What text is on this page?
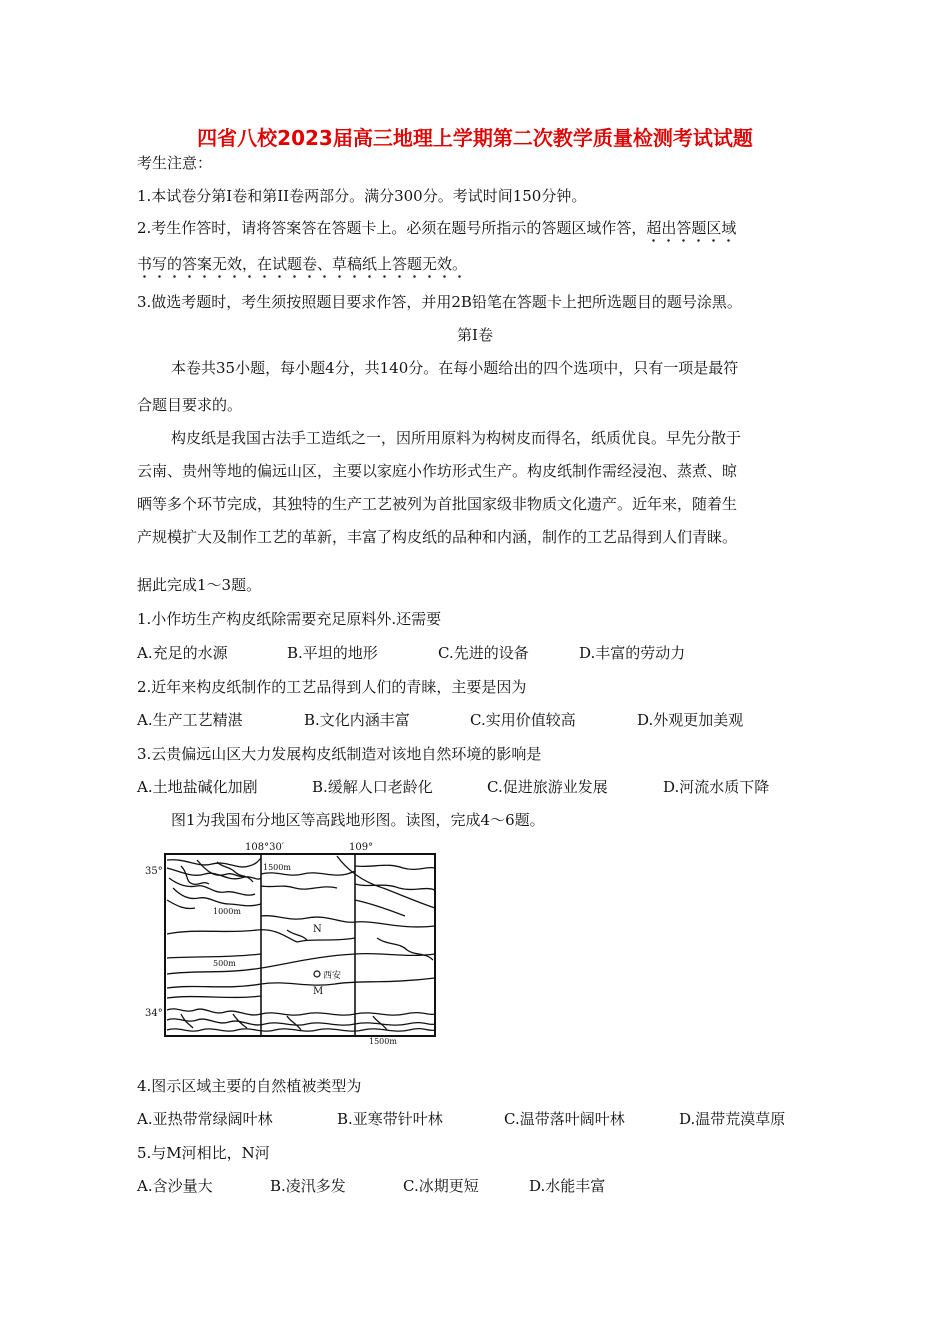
四省八校2023届高三地理上学期第二次教学质量检测考试试题
考生注意：
1.本试卷分第Ⅰ卷和第II卷两部分。满分300分。考试时间150分钟。
2.考生作答时，请将答案答在答题卡上。必须在题号所指示的答题区域作答，超出答题区域
书写的答案无效，在试题卷、草稿纸上答题无效。
3.做选考题时，考生须按照题目要求作答，并用2B铅笔在答题卡上把所选题目的题号涂黑。
第Ⅰ卷
本卷共35小题，每小题4分，共140分。在每小题给出的四个选项中，只有一项是最符
合题目要求的。
构皮纸是我国古法手工造纸之一，因所用原料为构树皮而得名，纸质优良。早先分散于
云南、贵州等地的偏远山区，主要以家庭小作坊形式生产。构皮纸制作需经浸泡、蒸煮、晾
晒等多个环节完成，其独特的生产工艺被列为首批国家级非物质文化遗产。近年来，随着生
产规模扩大及制作工艺的革新，丰富了构皮纸的品种和内涵，制作的工艺品得到人们青睐。
据此完成1～3题。
1.小作坊生产构皮纸除需要充足原料外.还需要
A.充足的水源	B.平坦的地形	C.先进的设备	D.丰富的劳动力
2.近年来构皮纸制作的工艺品得到人们的青睐，主要是因为
A.生产工艺精湛	B.文化内涵丰富	C.实用价值较高	D.外观更加美观
3.云贵偏远山区大力发展构皮纸制造对该地自然环境的影响是
A.土地盐碱化加剧	B.缓解人口老龄化	C.促进旅游业发展	D.河流水质下降
图1为我国布分地区等高践地形图。读图，完成4～6题。
108°30′	109°
35°
34°
1500m
1000m
N
500m
西安
M
1500m
4.图示区域主要的自然植被类型为
A.亚热带常绿阔叶林	B.亚寒带针叶林	C.温带落叶阔叶林	D.温带荒漠草原
5.与M河相比，N河
A.含沙量大	B.凌汛多发	C.冰期更短	D.水能丰富
